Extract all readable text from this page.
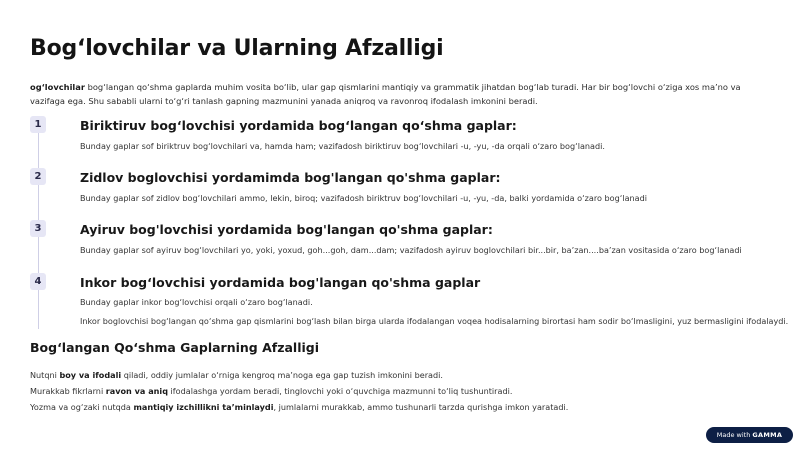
Bog‘lovchilar va Ularning Afzalligi

og‘lovchilar bog‘langan qo‘shma gaplarda muhim vosita bo‘lib, ular gap qismlarini mantiqiy va grammatik jihatdan bog‘lab turadi. Har bir bog‘lovchi o‘ziga xos ma’no va vazifaga ega. Shu sababli ularni to‘g‘ri tanlash gapning mazmunini yanada aniqroq va ravonroq ifodalash imkonini beradi.

1	Biriktiruv bog‘lovchisi yordamida bog‘langan qo‘shma gaplar:

Bunday gaplar sof biriktruv bog‘lovchilari va, hamda ham; vazifadosh biriktiruv bog‘lovchilari -u, -yu, -da orqali o‘zaro bog‘lanadi.

2	Zidlov boglovchisi yordamimda bog'langan qo'shma gaplar:

Bunday gaplar sof zidlov bog‘lovchilari ammo, lekin, biroq; vazifadosh biriktruv bog‘lovchilari -u, -yu, -da, balki yordamida o‘zaro bog‘lanadi

3	Ayiruv bog'lovchisi yordamida bog'langan qo'shma gaplar:

Bunday gaplar sof ayiruv bog‘lovchilari yo, yoki, yoxud, goh...goh, dam...dam; vazifadosh ayiruv boglovchilari bir...bir, ba’zan....ba’zan vositasida o‘zaro bog‘lanadi

4	Inkor bog‘lovchisi yordamida bog'langan qo'shma gaplar

Bunday gaplar inkor bog‘lovchisi orqali o‘zaro bog‘lanadi.

Inkor boglovchisi bog‘langan qo‘shma gap qismlarini bog‘lash bilan birga ularda ifodalangan voqea hodisalarning birortasi ham sodir bo‘lmasligini, yuz bermasligini ifodalaydi.

Bog‘langan Qo‘shma Gaplarning Afzalligi

Nutqni boy va ifodali qiladi, oddiy jumlalar o‘rniga kengroq ma’noga ega gap tuzish imkonini beradi.

Murakkab fikrlarni ravon va aniq ifodalashga yordam beradi, tinglovchi yoki o‘quvchiga mazmunni to‘liq tushuntiradi.

Yozma va og‘zaki nutqda mantiqiy izchillikni ta’minlaydi, jumlalarni murakkab, ammo tushunarli tarzda qurishga imkon yaratadi.

Made with GAMMA
